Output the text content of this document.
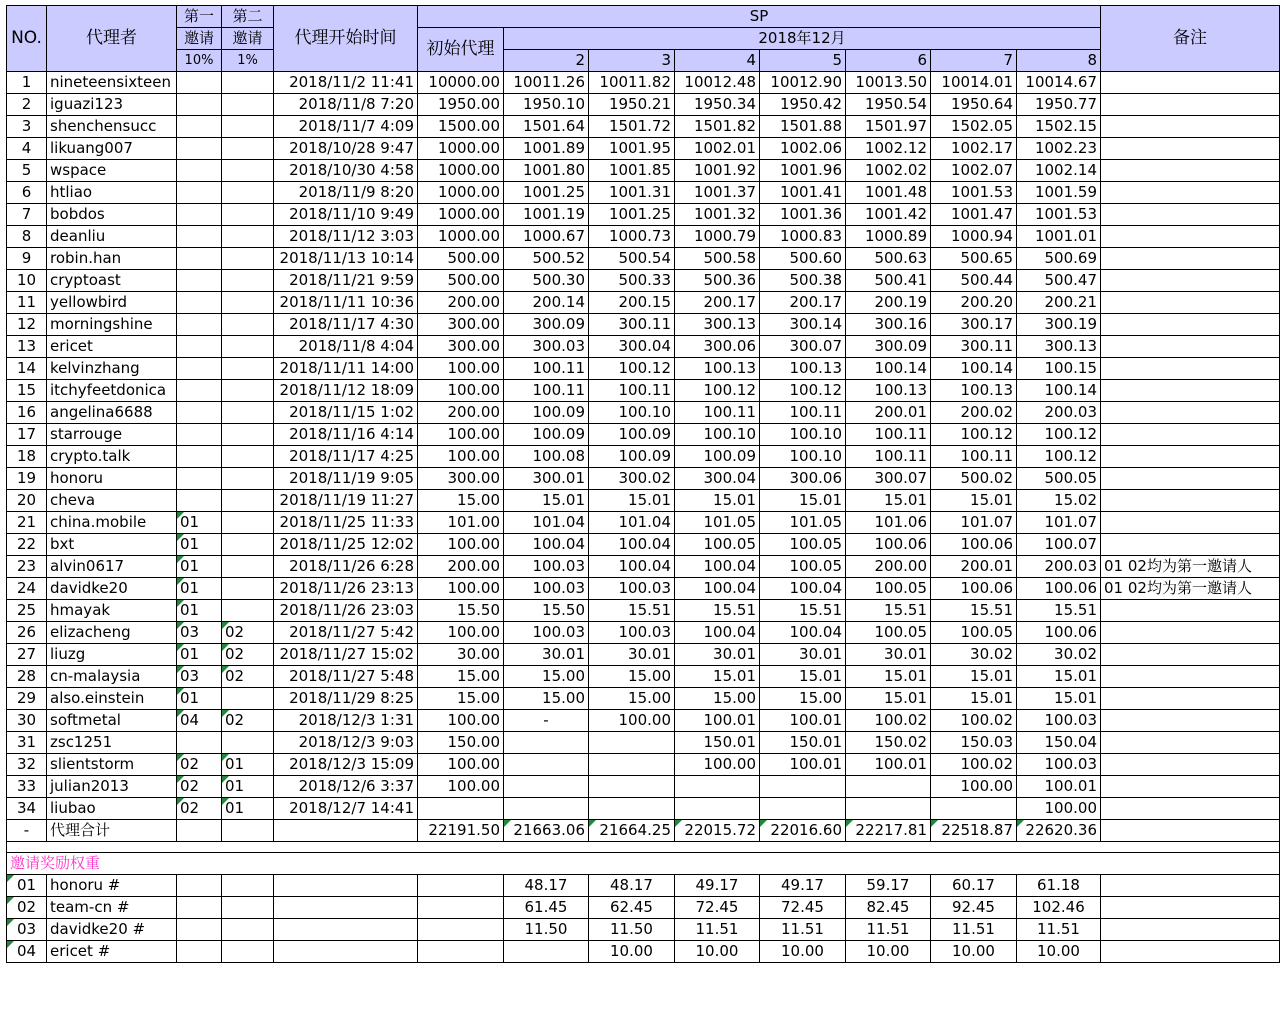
NO.	代理者	第一	第二	代理开始时间	SP								备注
		邀请	邀请		初始代理	2018年12月							
		10%	1%			2	3	4	5	6	7	8	
1	nineteensixteen			2018/11/2 11:41	10000.00	10011.26	10011.82	10012.48	10012.90	10013.50	10014.01	10014.67	
2	iguazi123			2018/11/8 7:20	1950.00	1950.10	1950.21	1950.34	1950.42	1950.54	1950.64	1950.77	
3	shenchensucc			2018/11/7 4:09	1500.00	1501.64	1501.72	1501.82	1501.88	1501.97	1502.05	1502.15	
4	likuang007			2018/10/28 9:47	1000.00	1001.89	1001.95	1002.01	1002.06	1002.12	1002.17	1002.23	
5	wspace			2018/10/30 4:58	1000.00	1001.80	1001.85	1001.92	1001.96	1002.02	1002.07	1002.14	
6	htliao			2018/11/9 8:20	1000.00	1001.25	1001.31	1001.37	1001.41	1001.48	1001.53	1001.59	
7	bobdos			2018/11/10 9:49	1000.00	1001.19	1001.25	1001.32	1001.36	1001.42	1001.47	1001.53	
8	deanliu			2018/11/12 3:03	1000.00	1000.67	1000.73	1000.79	1000.83	1000.89	1000.94	1001.01	
9	robin.han			2018/11/13 10:14	500.00	500.52	500.54	500.58	500.60	500.63	500.65	500.69	
10	cryptoast			2018/11/21 9:59	500.00	500.30	500.33	500.36	500.38	500.41	500.44	500.47	
11	yellowbird			2018/11/11 10:36	200.00	200.14	200.15	200.17	200.17	200.19	200.20	200.21	
12	morningshine			2018/11/17 4:30	300.00	300.09	300.11	300.13	300.14	300.16	300.17	300.19	
13	ericet			2018/11/8 4:04	300.00	300.03	300.04	300.06	300.07	300.09	300.11	300.13	
14	kelvinzhang			2018/11/11 14:00	100.00	100.11	100.12	100.13	100.13	100.14	100.14	100.15	
15	itchyfeetdonica			2018/11/12 18:09	100.00	100.11	100.11	100.12	100.12	100.13	100.13	100.14	
16	angelina6688			2018/11/15 1:02	200.00	100.09	100.10	100.11	100.11	200.01	200.02	200.03	
17	starrouge			2018/11/16 4:14	100.00	100.09	100.09	100.10	100.10	100.11	100.12	100.12	
18	crypto.talk			2018/11/17 4:25	100.00	100.08	100.09	100.09	100.10	100.11	100.11	100.12	
19	honoru			2018/11/19 9:05	300.00	300.01	300.02	300.04	300.06	300.07	500.02	500.05	
20	cheva			2018/11/19 11:27	15.00	15.01	15.01	15.01	15.01	15.01	15.01	15.02	
21	china.mobile	01		2018/11/25 11:33	101.00	101.04	101.04	101.05	101.05	101.06	101.07	101.07	
22	bxt	01		2018/11/25 12:02	100.00	100.04	100.04	100.05	100.05	100.06	100.06	100.07	
23	alvin0617	01		2018/11/26 6:28	200.00	100.03	100.04	100.04	100.05	200.00	200.01	200.03	01 02均为第一邀请人
24	davidke20	01		2018/11/26 23:13	100.00	100.03	100.03	100.04	100.04	100.05	100.06	100.06	01 02均为第一邀请人
25	hmayak	01		2018/11/26 23:03	15.50	15.50	15.51	15.51	15.51	15.51	15.51	15.51	
26	elizacheng	03	02	2018/11/27 5:42	100.00	100.03	100.03	100.04	100.04	100.05	100.05	100.06	
27	liuzg	01	02	2018/11/27 15:02	30.00	30.01	30.01	30.01	30.01	30.01	30.02	30.02	
28	cn-malaysia	03	02	2018/11/27 5:48	15.00	15.00	15.00	15.01	15.01	15.01	15.01	15.01	
29	also.einstein	01		2018/11/29 8:25	15.00	15.00	15.00	15.00	15.00	15.01	15.01	15.01	
30	softmetal	04	02	2018/12/3 1:31	100.00	-	100.00	100.01	100.01	100.02	100.02	100.03	
31	zsc1251			2018/12/3 9:03	150.00			150.01	150.01	150.02	150.03	150.04	
32	slientstorm	02	01	2018/12/3 15:09	100.00			100.00	100.01	100.01	100.02	100.03	
33	julian2013	02	01	2018/12/6 3:37	100.00						100.00	100.01	
34	liubao	02	01	2018/12/7 14:41								100.00	
-	代理合计				22191.50	21663.06	21664.25	22015.72	22016.60	22217.81	22518.87	22620.36	

邀请奖励权重													
01	honoru #					48.17	48.17	49.17	49.17	59.17	60.17	61.18	
02	team-cn #					61.45	62.45	72.45	72.45	82.45	92.45	102.46	
03	davidke20 #					11.50	11.50	11.51	11.51	11.51	11.51	11.51	
04	ericet #						10.00	10.00	10.00	10.00	10.00	10.00	
